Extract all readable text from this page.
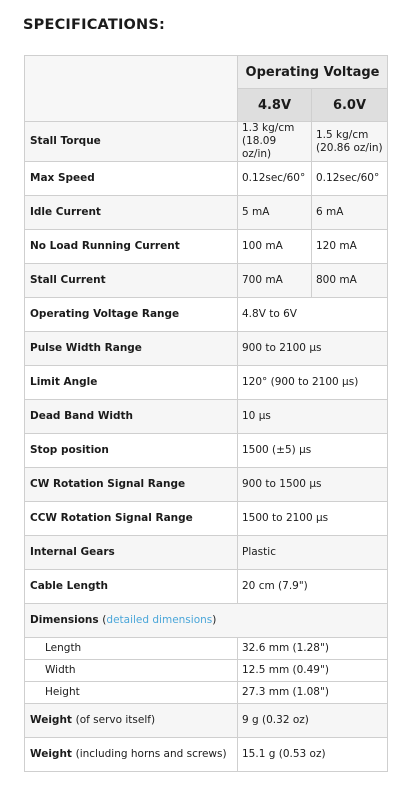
SPECIFICATIONS:
	Operating Voltage	
	4.8V	6.0V
Stall Torque	1.3 kg/cm (18.09 oz/in)	1.5 kg/cm (20.86 oz/in)
Max Speed	0.12sec/60°	0.12sec/60°
Idle Current	5 mA	6 mA
No Load Running Current	100 mA	120 mA
Stall Current	700 mA	800 mA
Operating Voltage Range	4.8V to 6V	
Pulse Width Range	900 to 2100 μs	
Limit Angle	120° (900 to 2100 μs)	
Dead Band Width	10 μs	
Stop position	1500 (±5) μs	
CW Rotation Signal Range	900 to 1500 μs	
CCW Rotation Signal Range	1500 to 2100 μs	
Internal Gears	Plastic	
Cable Length	20 cm (7.9")	
Dimensions (detailed dimensions)		
Length	32.6 mm (1.28")	
Width	12.5 mm (0.49")	
Height	27.3 mm (1.08")	
Weight (of servo itself)	9 g (0.32 oz)	
Weight (including horns and screws)	15.1 g (0.53 oz)	
